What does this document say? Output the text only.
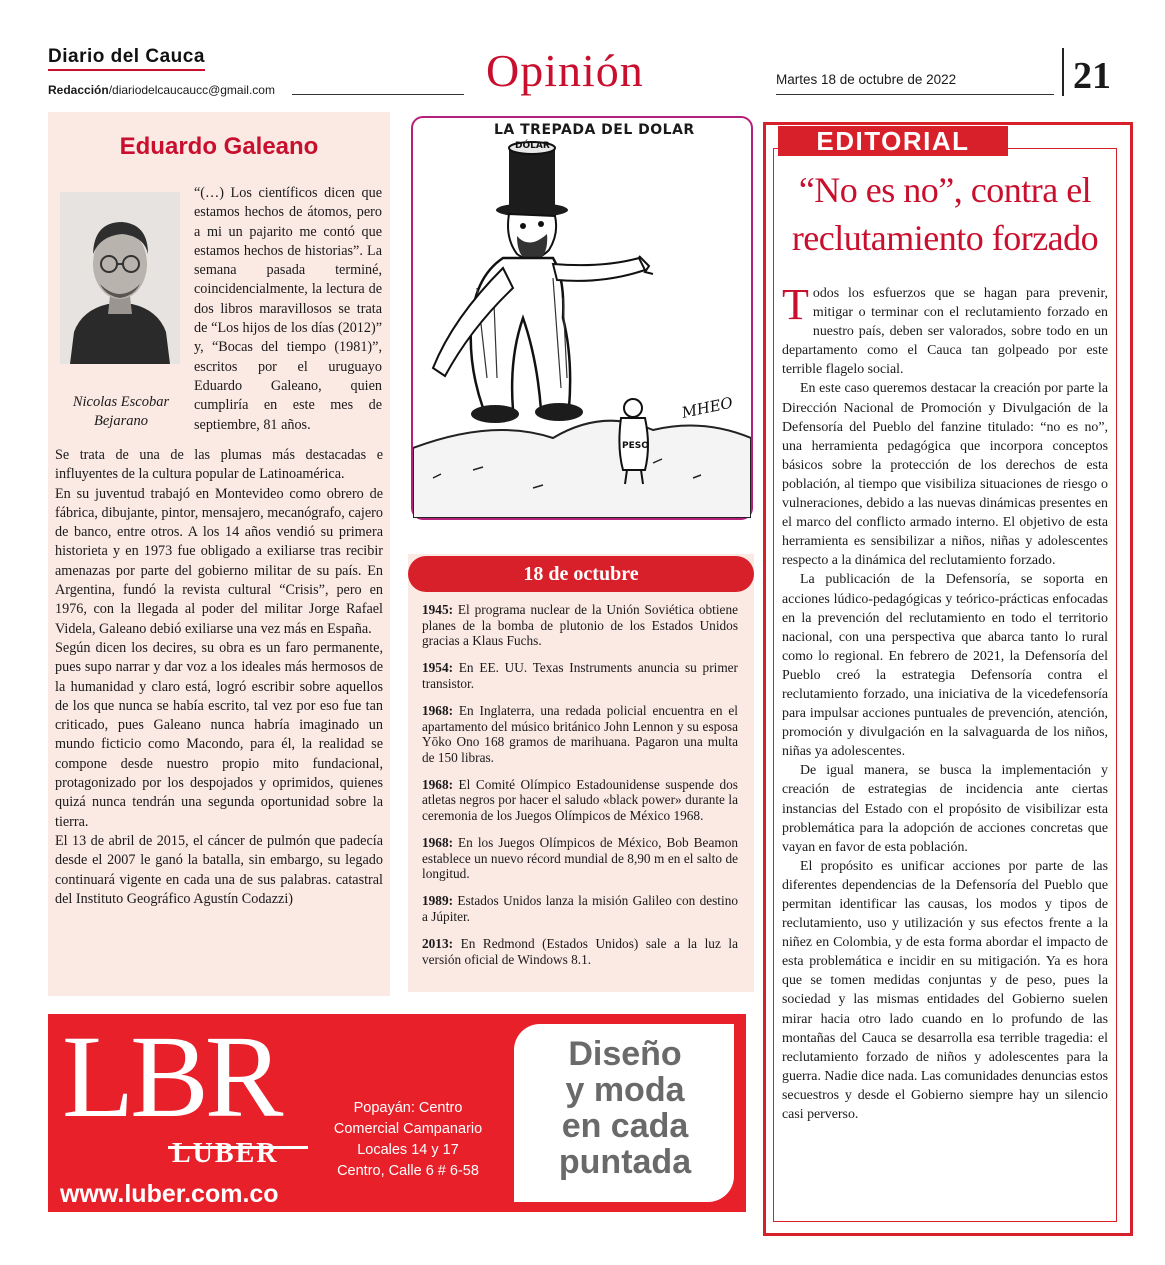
Diario del Cauca
Redacción/diariodelcaucaucc@gmail.com	Opinión	Martes 18 de octubre de 2022	21
Eduardo Galeano
Nicolas Escobar Bejarano

“(…) Los científicos dicen que estamos hechos de átomos, pero a mi un pajarito me contó que estamos hechos de historias”. La semana pasada terminé, coincidencialmente, la lectura de dos libros maravillosos se trata de “Los hijos de los días (2012)” y, “Bocas del tiempo (1981)”, escritos por el uruguayo Eduardo Galeano, quien cumpliría en este mes de septiembre, 81 años.

Se trata de una de las plumas más destacadas e influyentes de la cultura popular de Latinoamérica.

En su juventud trabajó en Montevideo como obrero de fábrica, dibujante, pintor, mensajero, mecanógrafo, cajero de banco, entre otros. A los 14 años vendió su primera historieta y en 1973 fue obligado a exiliarse tras recibir amenazas por parte del gobierno militar de su país. En Argentina, fundó la revista cultural “Crisis”, pero en 1976, con la llegada al poder del militar Jorge Rafael Videla, Galeano debió exiliarse una vez más en España.

Según dicen los decires, su obra es un faro permanente, pues supo narrar y dar voz a los ideales más hermosos de la humanidad y claro está, logró escribir sobre aquellos de los que nunca se había escrito, tal vez por eso fue tan criticado, pues Galeano nunca habría imaginado un mundo ficticio como Macondo, para él, la realidad se compone desde nuestro propio mito fundacional, protagonizado por los despojados y oprimidos, quienes quizá nunca tendrán una segunda oportunidad sobre la tierra.

El 13 de abril de 2015, el cáncer de pulmón que padecía desde el 2007 le ganó la batalla, sin embargo, su legado continuará vigente en cada una de sus palabras. catastral del Instituto Geográfico Agustín Codazzi)

DÓLAR
PESO
MHEO
LA TREPADA DEL DOLAR
18 de octubre

1945: El programa nuclear de la Unión Soviética obtiene planes de la bomba de plutonio de los Estados Unidos gracias a Klaus Fuchs.

1954: En EE. UU. Texas Instruments anuncia su primer transistor.

1968: En Inglaterra, una redada policial encuentra en el apartamento del músico británico John Lennon y su esposa Yōko Ono 168 gramos de marihuana. Pagaron una multa de 150 libras.

1968: El Comité Olímpico Estadounidense suspende dos atletas negros por hacer el saludo «black power» durante la ceremonia de los Juegos Olímpicos de México 1968.

1968: En los Juegos Olímpicos de México, Bob Beamon establece un nuevo récord mundial de 8,90 m en el salto de longitud.

1989: Estados Unidos lanza la misión Galileo con destino a Júpiter.

2013: En Redmond (Estados Unidos) sale a la luz la versión oficial de Windows 8.1.

EDITORIAL
“No es no”, contra el reclutamiento forzado

Todos los esfuerzos que se hagan para prevenir, mitigar o terminar con el reclutamiento forzado en nuestro país, deben ser valorados, sobre todo en un departamento como el Cauca tan golpeado por este terrible flagelo social.

En este caso queremos destacar la creación por parte la Dirección Nacional de Promoción y Divulgación de la Defensoría del Pueblo del fanzine titulado: “no es no”, una herramienta pedagógica que incorpora conceptos básicos sobre la protección de los derechos de esta población, al tiempo que visibiliza situaciones de riesgo o vulneraciones, debido a las nuevas dinámicas presentes en el marco del conflicto armado interno. El objetivo de esta herramienta es sensibilizar a niños, niñas y adolescentes respecto a la dinámica del reclutamiento forzado.

La publicación de la Defensoría, se soporta en acciones lúdico-pedagógicas y teórico-prácticas enfocadas en la prevención del reclutamiento en todo el territorio nacional, con una perspectiva que abarca tanto lo rural como lo regional. En febrero de 2021, la Defensoría del Pueblo creó la estrategia Defensoría contra el reclutamiento forzado, una iniciativa de la vicedefensoría para impulsar acciones puntuales de prevención, atención, promoción y divulgación en la salvaguarda de los niños, niñas ya adolescentes.

De igual manera, se busca la implementación y creación de estrategias de incidencia ante ciertas instancias del Estado con el propósito de visibilizar esta problemática para la adopción de acciones concretas que vayan en favor de esta población.

El propósito es unificar acciones por parte de las diferentes dependencias de la Defensoría del Pueblo que permitan identificar las causas, los modos y tipos de reclutamiento, uso y utilización y sus efectos frente a la niñez en Colombia, y de esta forma abordar el impacto de esta problemática e incidir en su mitigación. Ya es hora que se tomen medidas conjuntas y de peso, pues la sociedad y las mismas entidades del Gobierno suelen mirar hacia otro lado cuando en lo profundo de las montañas del Cauca se desarrolla esa terrible tragedia: el reclutamiento forzado de niños y adolescentes para la guerra. Nadie dice nada. Las comunidades denuncias estos secuestros y desde el Gobierno siempre hay un silencio casi perverso.

LBR
LUBER
www.luber.com.co
Popayán: Centro
Comercial Campanario
Locales 14 y 17
Centro, Calle 6 # 6-58
Diseño
y moda
en cada
puntada
